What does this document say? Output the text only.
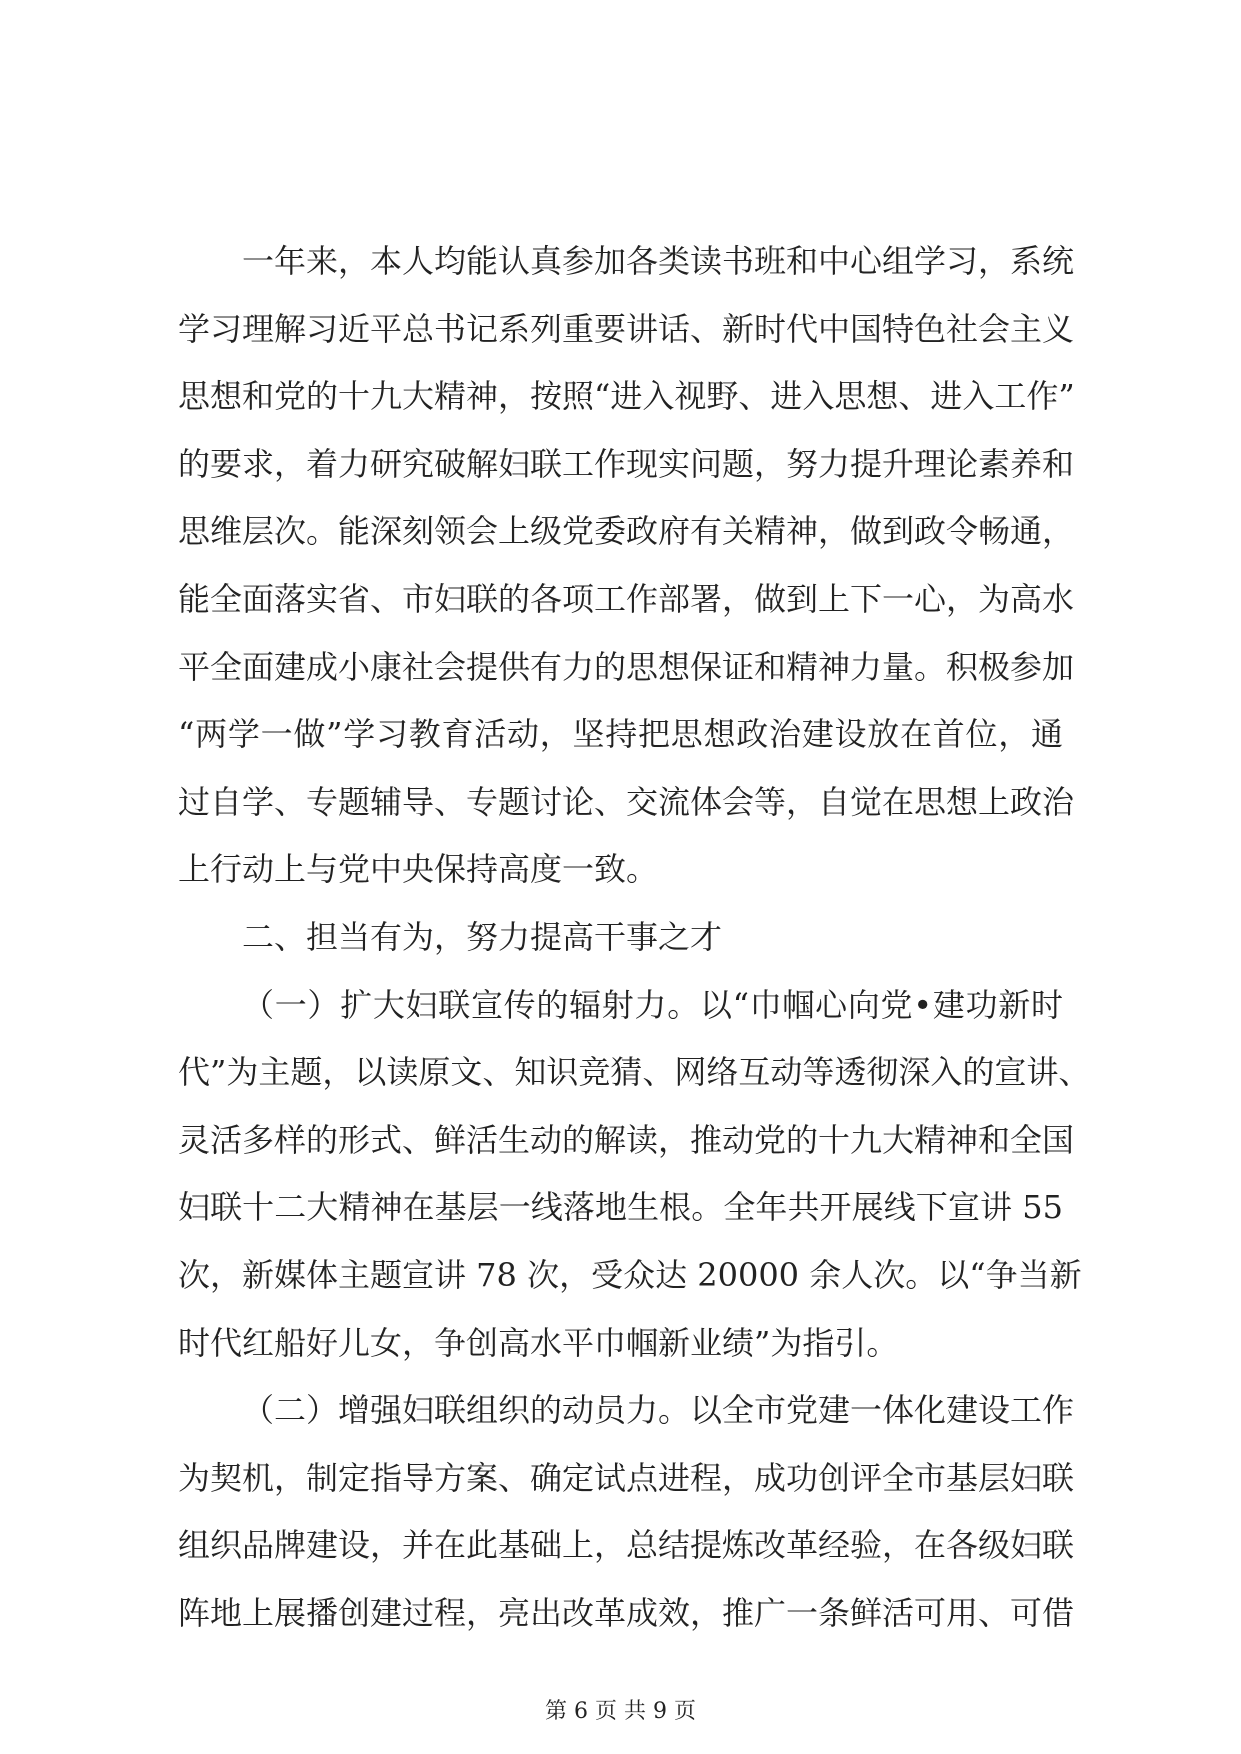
一年来，本人均能认真参加各类读书班和中心组学习，系统
学习理解习近平总书记系列重要讲话、新时代中国特色社会主义
思想和党的十九大精神，按照“进入视野、进入思想、进入工作”
的要求，着力研究破解妇联工作现实问题，努力提升理论素养和
思维层次。能深刻领会上级党委政府有关精神，做到政令畅通，
能全面落实省、市妇联的各项工作部署，做到上下一心，为高水
平全面建成小康社会提供有力的思想保证和精神力量。积极参加
“两学一做”学习教育活动，坚持把思想政治建设放在首位，通
过自学、专题辅导、专题讨论、交流体会等，自觉在思想上政治
上行动上与党中央保持高度一致。
二、担当有为，努力提高干事之才
（一）扩大妇联宣传的辐射力。以“巾帼心向党•建功新时
代”为主题，以读原文、知识竞猜、网络互动等透彻深入的宣讲、
灵活多样的形式、鲜活生动的解读，推动党的十九大精神和全国
妇联十二大精神在基层一线落地生根。全年共开展线下宣讲 55
次，新媒体主题宣讲 78 次，受众达 20000 余人次。以“争当新
时代红船好儿女，争创高水平巾帼新业绩”为指引。
（二）增强妇联组织的动员力。以全市党建一体化建设工作
为契机，制定指导方案、确定试点进程，成功创评全市基层妇联
组织品牌建设，并在此基础上，总结提炼改革经验，在各级妇联
阵地上展播创建过程，亮出改革成效，推广一条鲜活可用、可借
第 6 页 共 9 页
